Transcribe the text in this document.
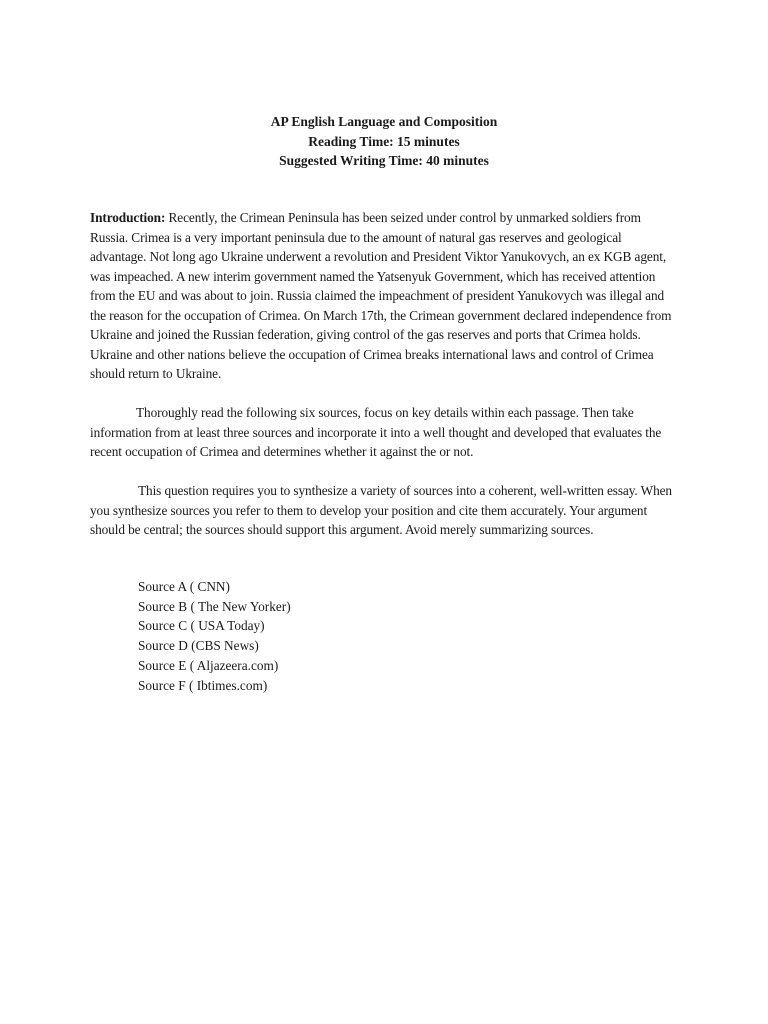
AP English Language and Composition
Reading Time: 15 minutes
Suggested Writing Time: 40 minutes
Introduction: Recently, the Crimean Peninsula has been seized under control by unmarked soldiers from Russia. Crimea is a very important peninsula due to the amount of natural gas reserves and geological advantage. Not long ago Ukraine underwent a revolution and President Viktor Yanukovych, an ex KGB agent, was impeached. A new interim government named the Yatsenyuk Government, which has received attention from the EU and was about to join. Russia claimed the impeachment of president Yanukovych was illegal and the reason for the occupation of Crimea. On March 17th, the Crimean government declared independence from Ukraine and joined the Russian federation, giving control of the gas reserves and ports that Crimea holds. Ukraine and other nations believe the occupation of Crimea breaks international laws and control of Crimea should return to Ukraine.
Thoroughly read the following six sources, focus on key details within each passage. Then take information from at least three sources and incorporate it into a well thought and developed that evaluates the recent occupation of Crimea and determines whether it against the or not.
This question requires you to synthesize a variety of sources into a coherent, well-written essay. When you synthesize sources you refer to them to develop your position and cite them accurately. Your argument should be central; the sources should support this argument. Avoid merely summarizing sources.
Source A ( CNN)
Source B ( The New Yorker)
Source C ( USA Today)
Source D (CBS News)
Source E ( Aljazeera.com)
Source F ( Ibtimes.com)
